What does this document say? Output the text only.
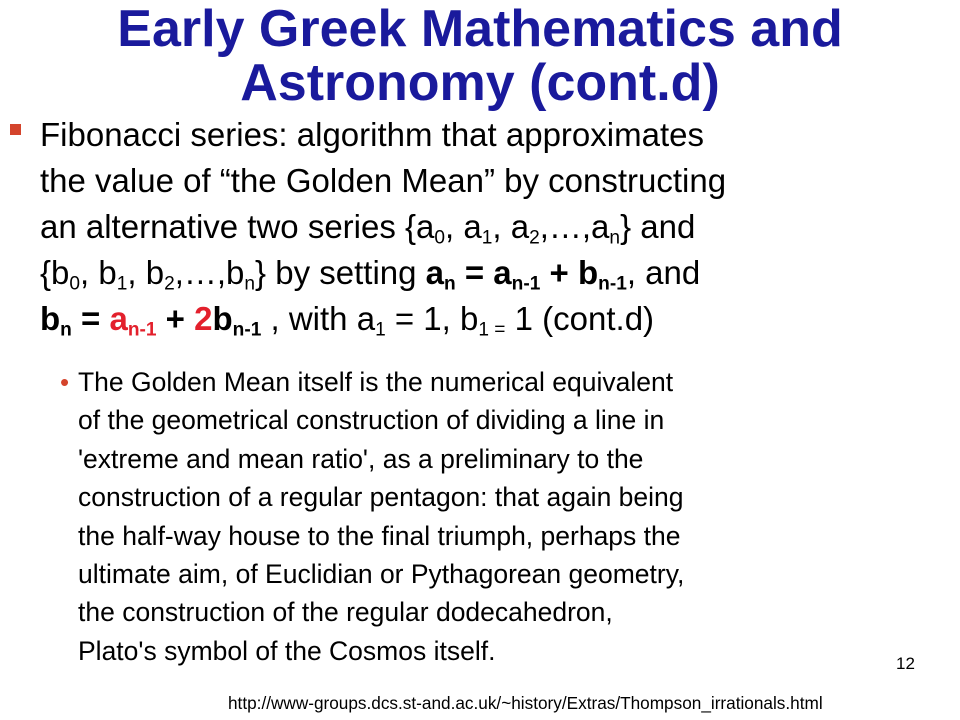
Early Greek Mathematics and
Astronomy (cont.d)
Fibonacci series: algorithm that approximates
the value of “the Golden Mean” by constructing
an alternative two series {$a_0$, $a_1$, $a_2,\dots,a_n$} and
{$b_0$, $b_1$, $b_2,\dots,b_n$} by setting $a_n = a_{n-1} + b_{n-1}$, and
$b_n = a_{n-1} + 2b_{n-1}$ , with $a_1 = 1$, $b_{1 =}$ 1 (cont.d)
• The Golden Mean itself is the numerical equivalent
of the geometrical construction of dividing a line in
'extreme and mean ratio', as a preliminary to the
construction of a regular pentagon: that again being
the half-way house to the final triumph, perhaps the
ultimate aim, of Euclidian or Pythagorean geometry,
the construction of the regular dodecahedron,
Plato's symbol of the Cosmos itself.	12
http://www-groups.dcs.st-and.ac.uk/~history/Extras/Thompson_irrationals.html
